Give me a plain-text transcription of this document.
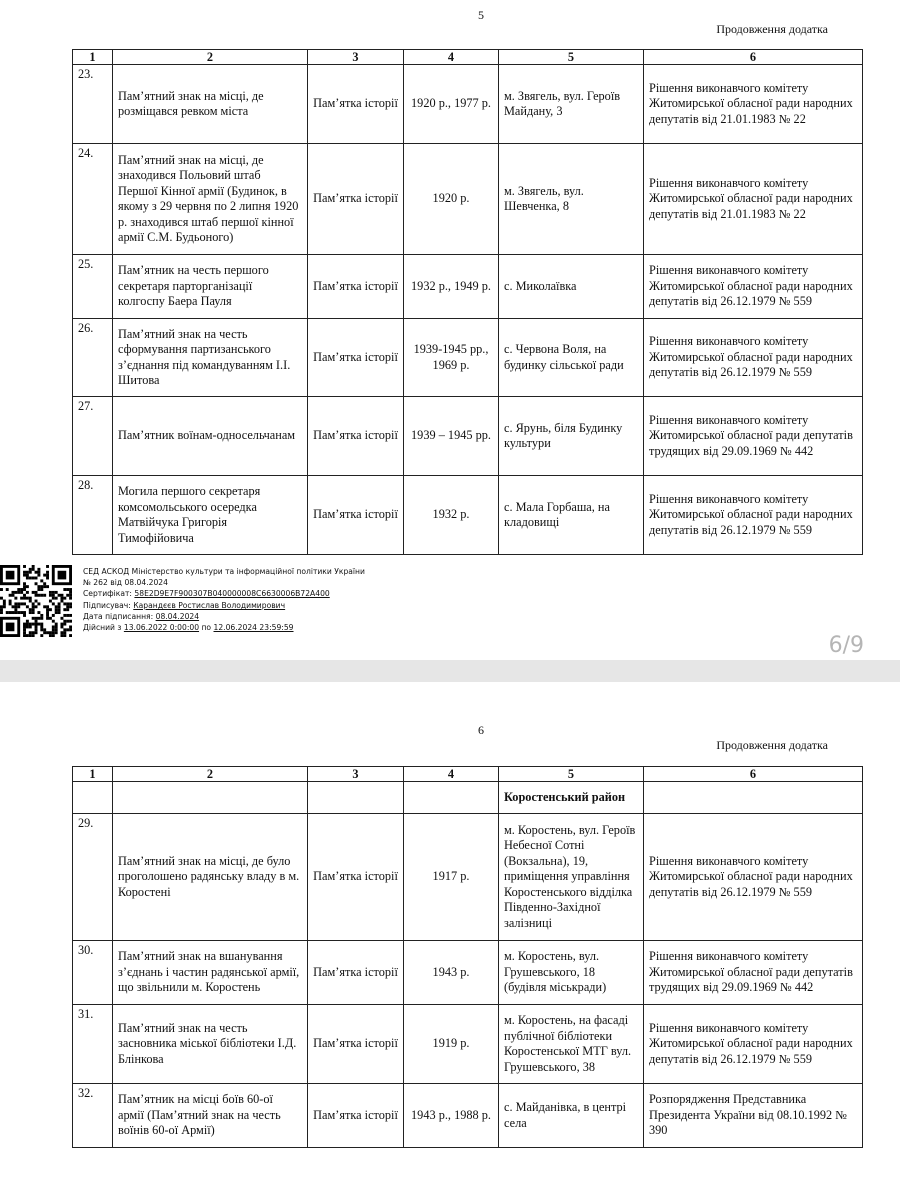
5
Продовження додатка
1	2	3	4	5	6
23.	Пам’ятний знак на місці, де розміщався ревком міста	Пам’ятка історії	1920 р., 1977 р.	м. Звягель, вул. Героїв Майдану, 3	Рішення виконавчого комітету Житомирської обласної ради народних депутатів від 21.01.1983 № 22
24.	Пам’ятний знак на місці, де знаходився Польовий штаб Першої Кінної армії (Будинок, в якому з 29 червня по 2 липня 1920 р. знаходився штаб першої кінної армії С.М. Будьоного)	Пам’ятка історії	1920 р.	м. Звягель, вул. Шевченка, 8	Рішення виконавчого комітету Житомирської обласної ради народних депутатів від 21.01.1983 № 22
25.	Пам’ятник на честь першого секретаря парторганізації колгоспу Баера Пауля	Пам’ятка історії	1932 р., 1949 р.	с. Миколаївка	Рішення виконавчого комітету Житомирської обласної ради народних депутатів від 26.12.1979 № 559
26.	Пам’ятний знак на честь сформування партизанського з’єднання під командуванням І.І. Шитова	Пам’ятка історії	1939-1945 рр., 1969 р.	с. Червона Воля, на будинку сільської ради	Рішення виконавчого комітету Житомирської обласної ради народних депутатів від 26.12.1979 № 559
27.	Пам’ятник воїнам-односельчанам	Пам’ятка історії	1939 – 1945 рр.	с. Ярунь, біля Будинку культури	Рішення виконавчого комітету Житомирської обласної ради депутатів трудящих від 29.09.1969 № 442
28.	Могила першого секретаря комсомольського осередка Матвійчука Григорія Тимофійовича	Пам’ятка історії	1932 р.	с. Мала Горбаша, на кладовищі	Рішення виконавчого комітету Житомирської обласної ради народних депутатів від 26.12.1979 № 559
СЕД АСКОД Міністерство культури та інформаційної політики України
№ 262 від 08.04.2024
Сертифікат: 58E2D9E7F900307B040000008C6630006B72A400
Підписувач: Карандєєв Ростислав Володимирович
Дата підписання: 08.04.2024
Дійсний з 13.06.2022 0:00:00 по 12.06.2024 23:59:59
6/9
6
Продовження додатка
1	2	3	4	5	6
				Коростенський район	
29.	Пам’ятний знак на місці, де було проголошено радянську владу в м. Коростені	Пам’ятка історії	1917 р.	м. Коростень, вул. Героїв Небесної Сотні (Вокзальна), 19, приміщення управління Коростенського відділка Південно-Західної залізниці	Рішення виконавчого комітету Житомирської обласної ради народних депутатів від 26.12.1979 № 559
30.	Пам’ятний знак на вшанування з’єднань і частин радянської армії, що звільнили м. Коростень	Пам’ятка історії	1943 р.	м. Коростень, вул. Грушевського, 18 (будівля міськради)	Рішення виконавчого комітету Житомирської обласної ради депутатів трудящих від 29.09.1969 № 442
31.	Пам’ятний знак на честь засновника міської бібліотеки І.Д. Блінкова	Пам’ятка історії	1919 р.	м. Коростень, на фасаді публічної бібліотеки Коростенської МТГ вул. Грушевського, 38	Рішення виконавчого комітету Житомирської обласної ради народних депутатів від 26.12.1979 № 559
32.	Пам’ятник на місці боїв 60-ої армії (Пам’ятний знак на честь воїнів 60-ої Армії)	Пам’ятка історії	1943 р., 1988 р.	с. Майданівка, в центрі села	Розпорядження Представника Президента України від 08.10.1992 № 390
